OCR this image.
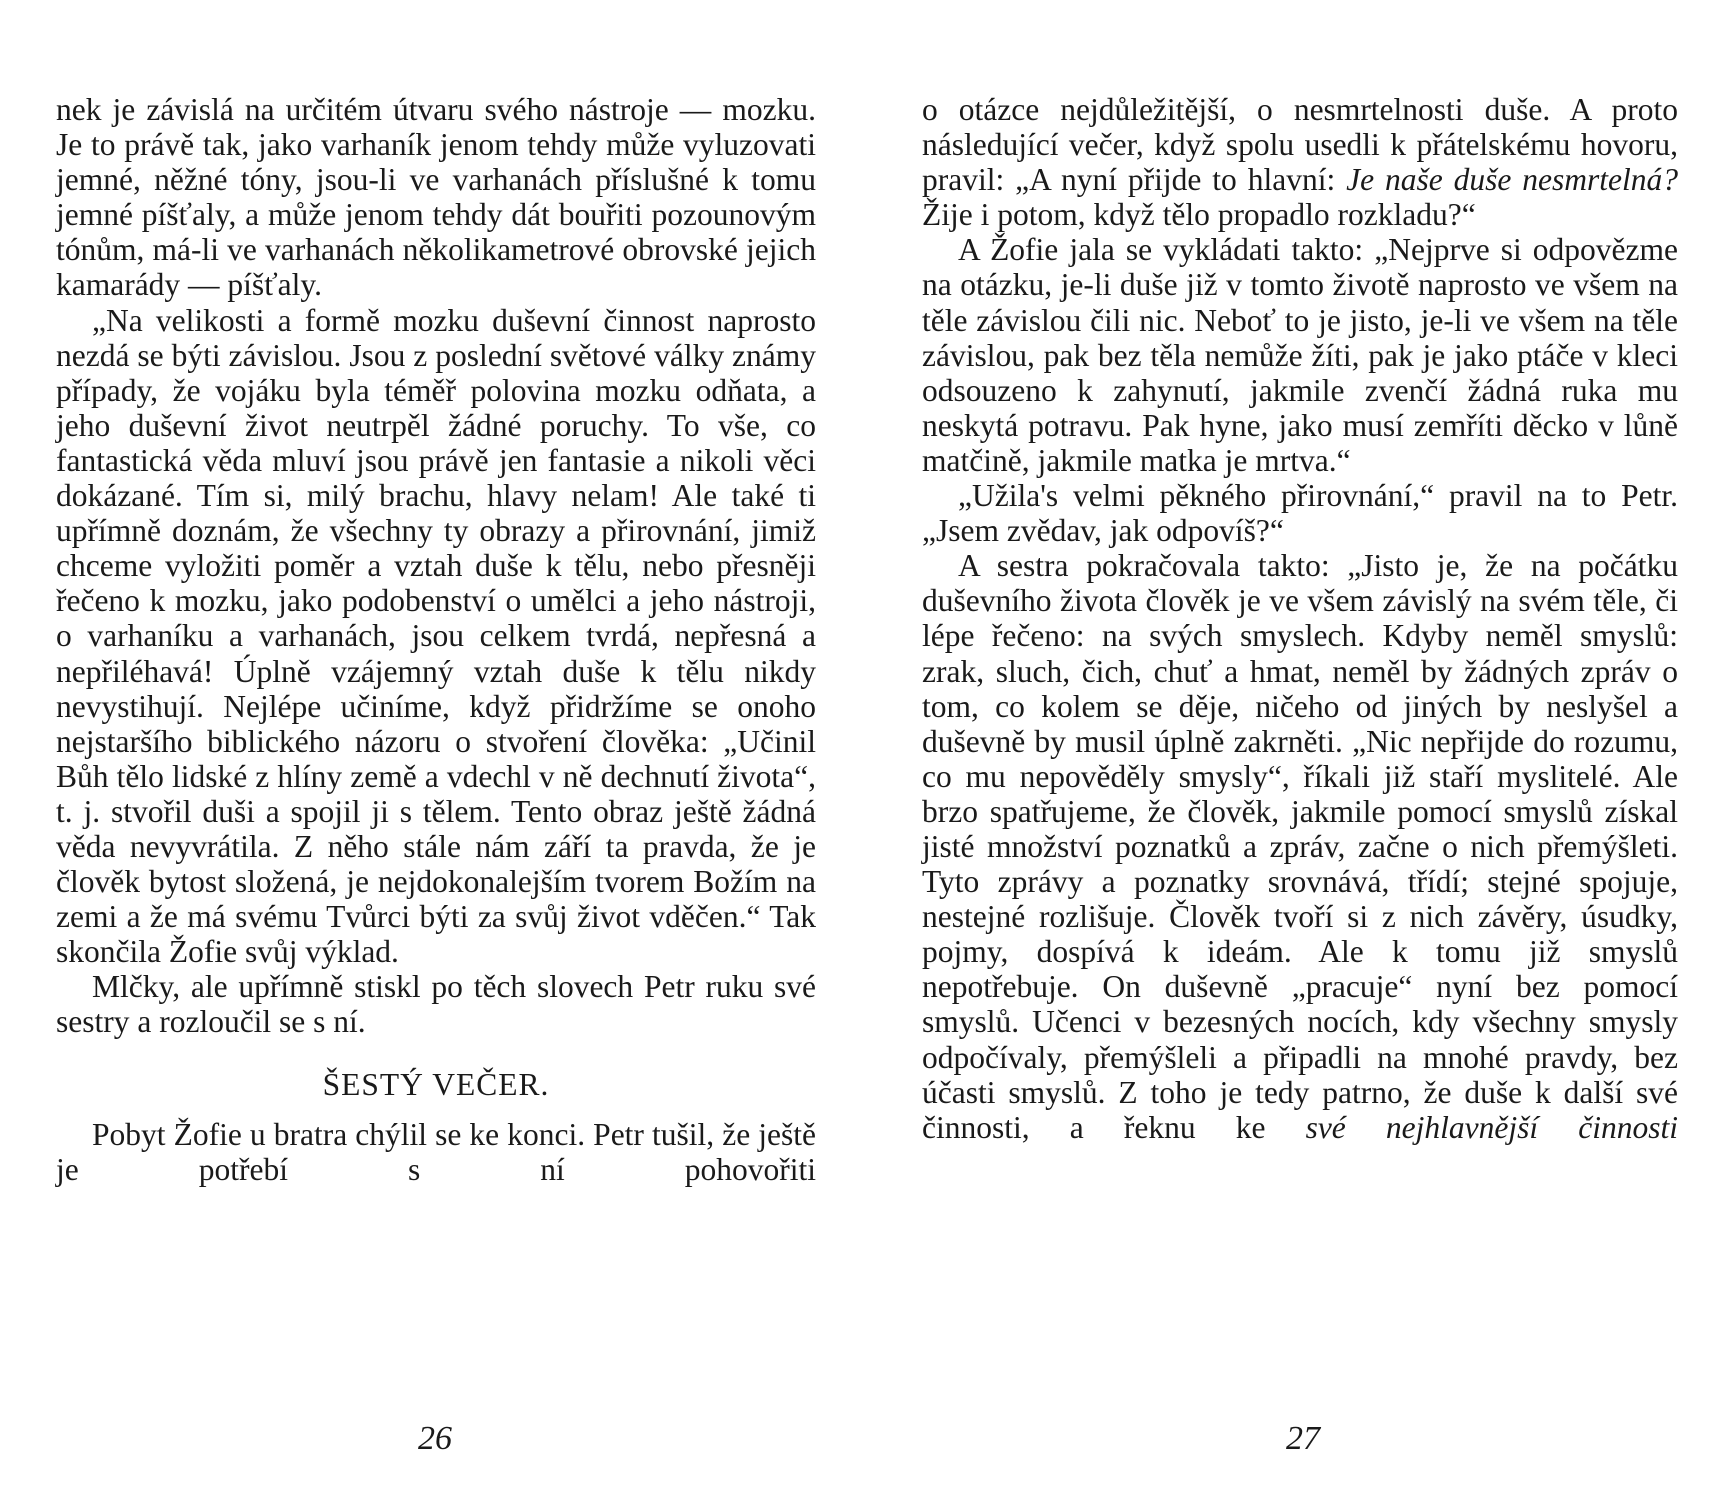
nek je závislá na určitém útvaru svého nástroje — mozku. Je to právě tak, jako varhaník jenom tehdy může vyluzovati jemné, něžné tóny, jsou-li ve varhanách příslušné k tomu jemné píšťaly, a může jenom tehdy dát bouřiti pozounovým tónům, má-li ve varhanách několikametrové obrovské jejich kamarády — píšťaly.

„Na velikosti a formě mozku duševní činnost naprosto nezdá se býti závislou. Jsou z poslední světové války známy případy, že vojáku byla téměř polovina mozku odňata, a jeho duševní život neutrpěl žádné poruchy. To vše, co fantastická věda mluví jsou právě jen fantasie a nikoli věci dokázané. Tím si, milý brachu, hlavy nelam! Ale také ti upřímně doznám, že všechny ty obrazy a přirovnání, jimiž chceme vyložiti poměr a vztah duše k tělu, nebo přesněji řečeno k mozku, jako podobenství o umělci a jeho nástroji, o varhaníku a varhanách, jsou celkem tvrdá, nepřesná a nepřiléhavá! Úplně vzájemný vztah duše k tělu nikdy nevystihují. Nejlépe učiníme, když přidržíme se onoho nejstaršího biblického názoru o stvoření člověka: „Učinil Bůh tělo lidské z hlíny země a vdechl v ně dechnutí života“, t. j. stvořil duši a spojil ji s tělem. Tento obraz ještě žádná věda nevyvrátila. Z něho stále nám září ta pravda, že je člověk bytost složená, je nejdokonalejším tvorem Božím na zemi a že má svému Tvůrci býti za svůj život vděčen.“ Tak skončila Žofie svůj výklad.

Mlčky, ale upřímně stiskl po těch slovech Petr ruku své sestry a rozloučil se s ní.

ŠESTÝ VEČER.

Pobyt Žofie u bratra chýlil se ke konci. Petr tušil, že ještě je potřebí s ní pohovořiti

o otázce nejdůležitější, o nesmrtelnosti duše. A proto následující večer, když spolu usedli k přátelskému hovoru, pravil: „A nyní přijde to hlavní: Je naše duše nesmrtelná? Žije i potom, když tělo propadlo rozkladu?“

A Žofie jala se vykládati takto: „Nejprve si odpovězme na otázku, je-li duše již v tomto životě naprosto ve všem na těle závislou čili nic. Neboť to je jisto, je-li ve všem na těle závislou, pak bez těla nemůže žíti, pak je jako ptáče v kleci odsouzeno k zahynutí, jakmile zvenčí žádná ruka mu neskytá potravu. Pak hyne, jako musí zemříti děcko v lůně matčině, jakmile matka je mrtva.“

„Užila's velmi pěkného přirovnání,“ pravil na to Petr. „Jsem zvědav, jak odpovíš?“

A sestra pokračovala takto: „Jisto je, že na počátku duševního života člověk je ve všem závislý na svém těle, či lépe řečeno: na svých smyslech. Kdyby neměl smyslů: zrak, sluch, čich, chuť a hmat, neměl by žádných zpráv o tom, co kolem se děje, ničeho od jiných by neslyšel a duševně by musil úplně zakrněti. „Nic nepřijde do rozumu, co mu nepověděly smysly“, říkali již staří myslitelé. Ale brzo spatřujeme, že člověk, jakmile pomocí smyslů získal jisté množství poznatků a zpráv, začne o nich přemýšleti. Tyto zprávy a poznatky srovnává, třídí; stejné spojuje, nestejné rozlišuje. Člověk tvoří si z nich závěry, úsudky, pojmy, dospívá k ideám. Ale k tomu již smyslů nepotřebuje. On duševně „pracuje“ nyní bez pomocí smyslů. Učenci v bezesných nocích, kdy všechny smysly odpočívaly, přemýšleli a připadli na mnohé pravdy, bez účasti smyslů. Z toho je tedy patrno, že duše k další své činnosti, a řeknu ke své nejhlavnější činnosti

26	27
